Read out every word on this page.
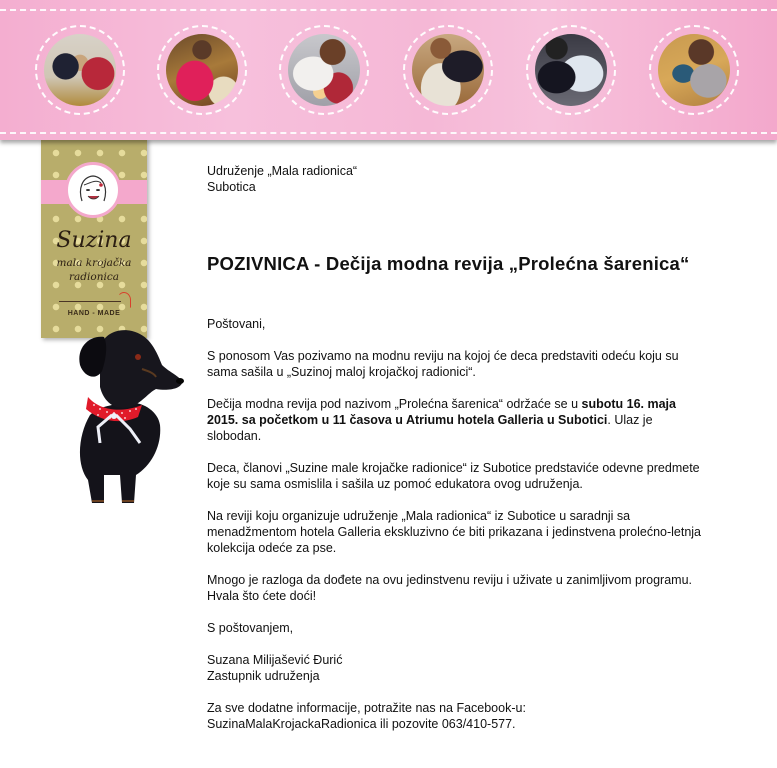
Suzina
mala krojačka
radionica
HAND - MADE

Udruženje „Mala radionica“

Subotica

POZIVNICA - Dečija modna revija „Prolećna šarenica“

Poštovani,

S ponosom Vas pozivamo na modnu reviju na kojoj će deca predstaviti odeću koju su sama sašila u „Suzinoj maloj krojačkoj radionici“.

Dečija modna revija pod nazivom „Prolećna šarenica“ održaće se u subotu 16. maja 2015. sa početkom u 11 časova u Atriumu hotela Galleria u Subotici. Ulaz je slobodan.

Deca, članovi „Suzine male krojačke radionice“ iz Subotice predstaviće odevne predmete koje su sama osmislila i sašila uz pomoć edukatora ovog udruženja.

Na reviji koju organizuje udruženje „Mala radionica“ iz Subotice u saradnji sa menadžmentom hotela Galleria ekskluzivno će biti prikazana i jedinstvena prolećno-letnja kolekcija odeće za pse.

Mnogo je razloga da dođete na ovu jedinstvenu reviju i uživate u zanimljivom programu.

Hvala što ćete doći!

S poštovanjem,

Suzana Milijašević Đurić

Zastupnik udruženja

Za sve dodatne informacije, potražite nas na Facebook-u:

SuzinaMalaKrojackaRadionica ili pozovite 063/410-577.
